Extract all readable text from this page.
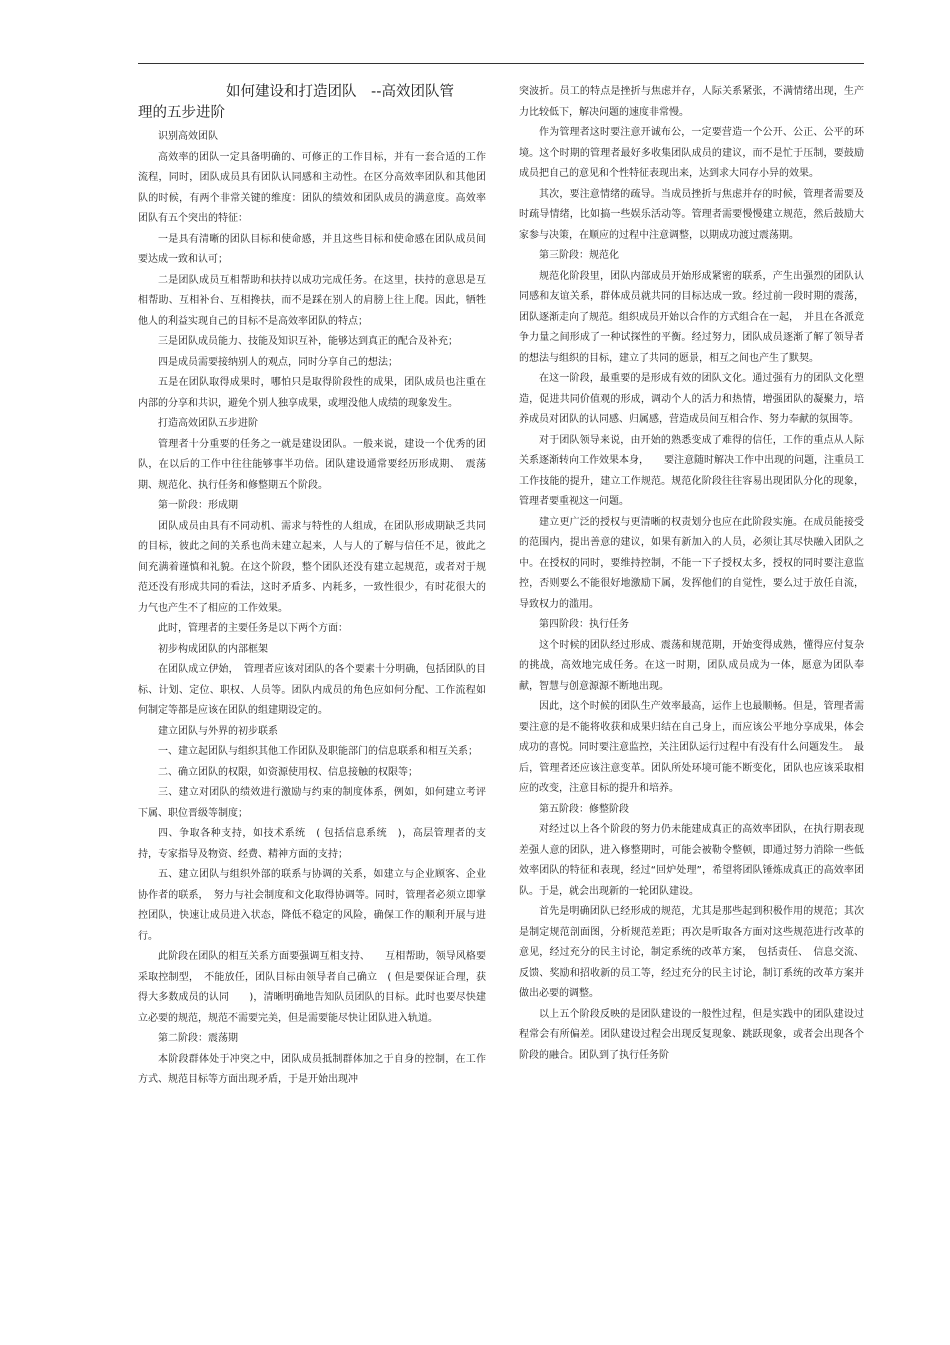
如何建设和打造团队　--高效团队管
理的五步进阶

识别高效团队

高效率的团队一定具备明确的、可修正的工作目标，并有一套合适的工作流程，同时，团队成员具有团队认同感和主动性。在区分高效率团队和其他团队的时候，有两个非常关键的维度：团队的绩效和团队成员的满意度。高效率团队有五个突出的特征：

一是具有清晰的团队目标和使命感，并且这些目标和使命感在团队成员间要达成一致和认可；

二是团队成员互相帮助和扶持以成功完成任务。在这里，扶持的意思是互相帮助、互相补台、互相搀扶，而不是踩在别人的肩膀上往上爬。因此，牺牲他人的利益实现自己的目标不是高效率团队的特点；

三是团队成员能力、技能及知识互补，能够达到真正的配合及补充；

四是成员需要接纳别人的观点，同时分享自己的想法；

五是在团队取得成果时，哪怕只是取得阶段性的成果，团队成员也注重在内部的分享和共识，避免个别人独享成果，或埋没他人成绩的现象发生。

打造高效团队五步进阶

管理者十分重要的任务之一就是建设团队。一般来说，建设一个优秀的团队，在以后的工作中往往能够事半功倍。团队建设通常要经历形成期、　震荡期、规范化、执行任务和修整期五个阶段。

第一阶段：形成期

团队成员由具有不同动机、需求与特性的人组成，在团队形成期缺乏共同的目标，彼此之间的关系也尚未建立起来，人与人的了解与信任不足，彼此之间充满着谨慎和礼貌。在这个阶段，整个团队还没有建立起规范，或者对于规范还没有形成共同的看法，这时矛盾多、内耗多，一致性很少，有时花很大的力气也产生不了相应的工作效果。

此时，管理者的主要任务是以下两个方面：

初步构成团队的内部框架

在团队成立伊始，　管理者应该对团队的各个要素十分明确，包括团队的目标、计划、定位、职权、人员等。团队内成员的角色应如何分配、工作流程如何制定等都是应该在团队的组建期设定的。

建立团队与外界的初步联系

一、建立起团队与组织其他工作团队及职能部门的信息联系和相互关系；

二、确立团队的权限，如资源使用权、信息接触的权限等；

三、建立对团队的绩效进行激励与约束的制度体系，例如，如何建立考评下属、职位晋级等制度；

四、争取各种支持，如技术系统　( 包括信息系统　)，高层管理者的支持，专家指导及物资、经费、精神方面的支持；

五、建立团队与组织外部的联系与协调的关系，如建立与企业顾客、企业协作者的联系，　努力与社会制度和文化取得协调等。同时，管理者必须立即掌控团队，快速让成员进入状态，降低不稳定的风险，确保工作的顺利开展与进行。

此阶段在团队的相互关系方面要强调互相支持、　　互相帮助，领导风格要采取控制型，　不能放任，团队目标由领导者自己确立　( 但是要保证合理，获得大多数成员的认同　　)，清晰明确地告知队员团队的目标。此时也要尽快建立必要的规范，规范不需要完美，但是需要能尽快让团队进入轨道。

第二阶段：震荡期

本阶段群体处于冲突之中，团队成员抵制群体加之于自身的控制，在工作方式、规范目标等方面出现矛盾，于是开始出现冲

突波折。员工的特点是挫折与焦虑并存，人际关系紧张，不满情绪出现，生产力比较低下，解决问题的速度非常慢。

作为管理者这时要注意开诚布公，一定要营造一个公开、公正、公平的环境。这个时期的管理者最好多收集团队成员的建议，而不是忙于压制，要鼓励成员把自己的意见和个性特征表现出来，达到求大同存小异的效果。

其次，要注意情绪的疏导。当成员挫折与焦虑并存的时候，管理者需要及时疏导情绪，比如搞一些娱乐活动等。管理者需要慢慢建立规范，然后鼓励大家参与决策，在顺应的过程中注意调整，以期成功渡过震荡期。

第三阶段：规范化

规范化阶段里，团队内部成员开始形成紧密的联系，产生出强烈的团队认同感和友谊关系，群体成员就共同的目标达成一致。经过前一段时期的震荡，团队逐渐走向了规范。组织成员开始以合作的方式组合在一起，　并且在各派竞争力量之间形成了一种试探性的平衡。经过努力，团队成员逐渐了解了领导者的想法与组织的目标，建立了共同的愿景，相互之间也产生了默契。

在这一阶段，最重要的是形成有效的团队文化。通过强有力的团队文化塑造，促进共同价值观的形成，调动个人的活力和热情，增强团队的凝聚力，培养成员对团队的认同感、归属感，营造成员间互相合作、努力奉献的氛围等。

对于团队领导来说，由开始的熟悉变成了难得的信任，工作的重点从人际关系逐渐转向工作效果本身，　　要注意随时解决工作中出现的问题，注重员工工作技能的提升，建立工作规范。规范化阶段往往容易出现团队分化的现象，管理者要重视这一问题。

建立更广泛的授权与更清晰的权责划分也应在此阶段实施。在成员能接受的范围内，提出善意的建议，如果有新加入的人员，必须让其尽快融入团队之中。在授权的同时，要维持控制，不能一下子授权太多，授权的同时要注意监控，否则要么不能很好地激励下属，发挥他们的自觉性，要么过于放任自流，导致权力的滥用。

第四阶段：执行任务

这个时候的团队经过形成、震荡和规范期，开始变得成熟，懂得应付复杂的挑战，高效地完成任务。在这一时期，团队成员成为一体，愿意为团队奉献，智慧与创意源源不断地出现。

因此，这个时候的团队生产效率最高，运作上也最顺畅。但是，管理者需要注意的是不能将收获和成果归结在自己身上，而应该公平地分享成果，体会成功的喜悦。同时要注意监控，关注团队运行过程中有没有什么问题发生。　最后，管理者还应该注意变革。团队所处环境可能不断变化，团队也应该采取相应的改变，注意目标的提升和培养。

第五阶段：修整阶段

对经过以上各个阶段的努力仍未能建成真正的高效率团队，在执行期表现差强人意的团队，进入修整期时，可能会被勒令整顿，即通过努力消除一些低效率团队的特征和表现，经过“回炉处理”，希望将团队锤炼成真正的高效率团队。于是，就会出现新的一轮团队建设。

首先是明确团队已经形成的规范，尤其是那些起到积极作用的规范；其次是制定规范剖面图，分析规范差距；再次是听取各方面对这些规范进行改革的意见，经过充分的民主讨论，制定系统的改革方案，　包括责任、　信息交流、反馈、奖励和招收新的员工等，经过充分的民主讨论，制订系统的改革方案并做出必要的调整。

以上五个阶段反映的是团队建设的一般性过程，但是实践中的团队建设过程常会有所偏差。团队建设过程会出现反复现象、跳跃现象，或者会出现各个阶段的融合。团队到了执行任务阶
